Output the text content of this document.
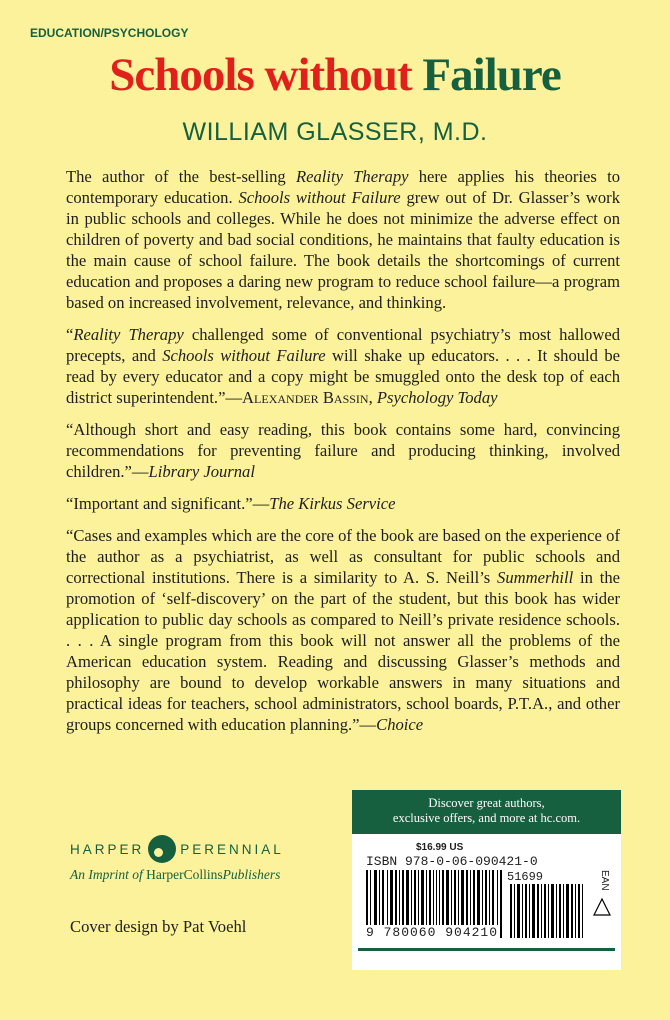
EDUCATION/PSYCHOLOGY
Schools without Failure
WILLIAM GLASSER, M.D.

The author of the best-selling Reality Therapy here applies his theories to contemporary education. Schools without Failure grew out of Dr. Glasser’s work in public schools and colleges. While he does not minimize the adverse effect on children of poverty and bad social conditions, he maintains that faulty education is the main cause of school failure. The book details the shortcomings of current education and proposes a daring new program to reduce school failure—a program based on increased involvement, relevance, and thinking.

“Reality Therapy challenged some of conventional psychiatry’s most hallowed precepts, and Schools without Failure will shake up educators. . . . It should be read by every educator and a copy might be smuggled onto the desk top of each district superintendent.”—Alexander Bassin, Psychology Today

“Although short and easy reading, this book contains some hard, convincing recommendations for preventing failure and producing thinking, involved children.”—Library Journal

“Important and significant.”—The Kirkus Service

“Cases and examples which are the core of the book are based on the experience of the author as a psychiatrist, as well as consultant for public schools and correctional institutions. There is a similarity to A. S. Neill’s Summerhill in the promotion of ‘self-discovery’ on the part of the student, but this book has wider application to public day schools as compared to Neill’s private residence schools. . . . A single program from this book will not answer all the problems of the American education system. Reading and discussing Glasser’s methods and philosophy are bound to develop workable answers in many situations and practical ideas for teachers, school administrators, school boards, P.T.A., and other groups concerned with education planning.”—Choice

HARPER	PERENNIAL
An Imprint of HarperCollinsPublishers
Cover design by Pat Voehl
Discover great authors,
exclusive offers, and more at hc.com.
$16.99 US
ISBN 978-0-06-090421-0
51699
9 780060 904210
EAN
